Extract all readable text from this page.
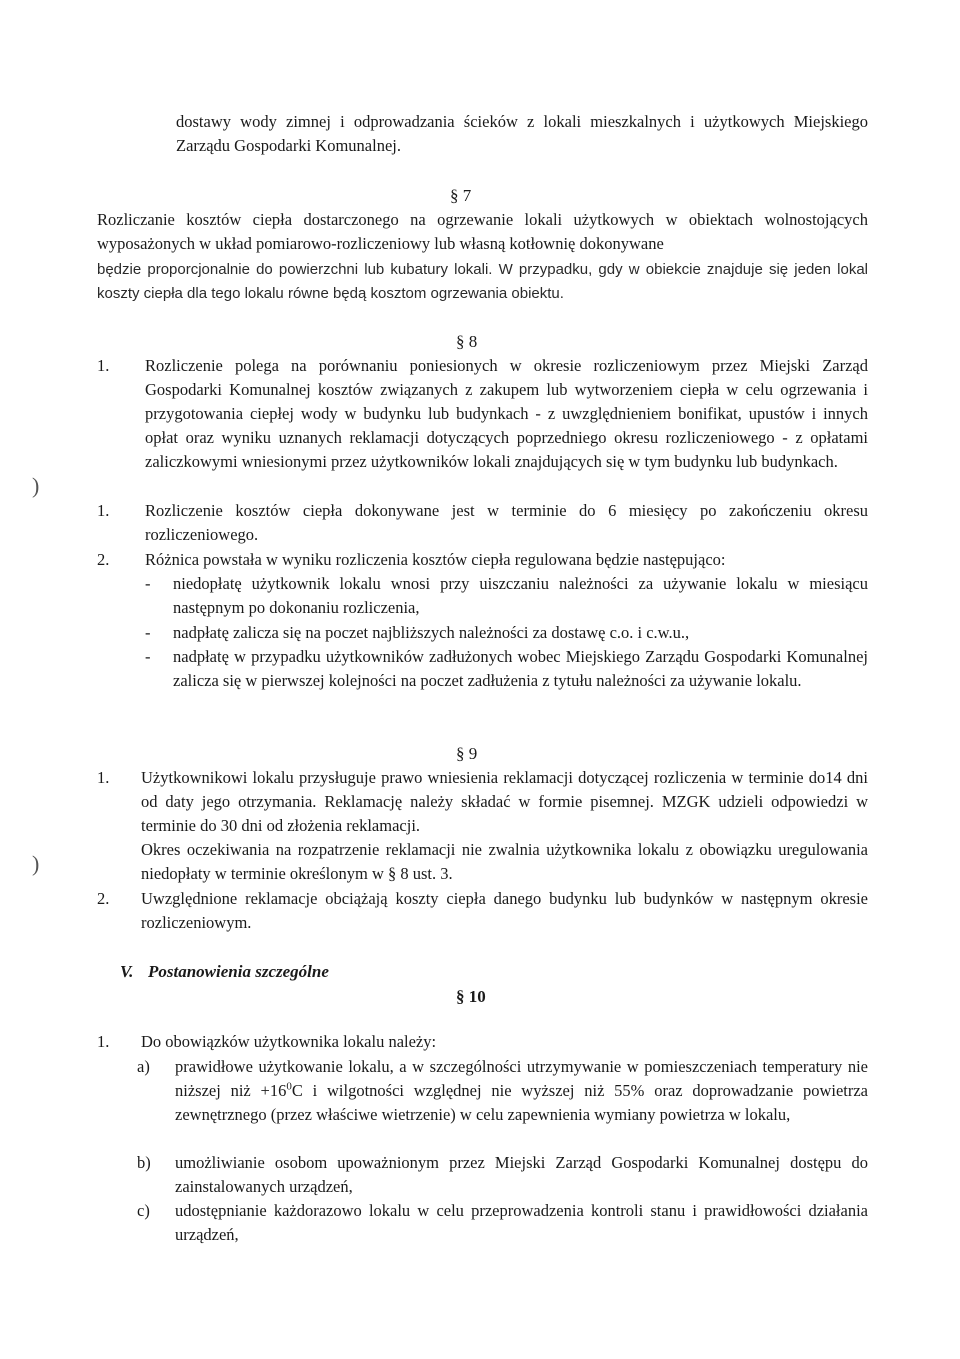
dostawy wody zimnej i odprowadzania ścieków z lokali mieszkalnych i użytkowych Miejskiego Zarządu Gospodarki Komunalnej.

§ 7

Rozliczanie kosztów ciepła dostarczonego na ogrzewanie lokali użytkowych w obiektach wolnostojących wyposażonych w układ pomiarowo-rozliczeniowy lub własną kotłownię dokonywane

będzie proporcjonalnie do powierzchni lub kubatury lokali. W przypadku, gdy w obiekcie znajduje się jeden lokal koszty ciepła dla tego lokalu równe będą kosztom ogrzewania obiektu.

§ 8
1. Rozliczenie polega na porównaniu poniesionych w okresie rozliczeniowym przez Miejski Zarząd Gospodarki Komunalnej kosztów związanych z zakupem lub wytworzeniem ciepła w celu ogrzewania i przygotowania ciepłej wody w budynku lub budynkach - z uwzględnieniem bonifikat, upustów i innych opłat oraz wyniku uznanych reklamacji dotyczących poprzedniego okresu rozliczeniowego - z opłatami zaliczkowymi wniesionymi przez użytkowników lokali znajdujących się w tym budynku lub budynkach.
1. Rozliczenie kosztów ciepła dokonywane jest w terminie do 6 miesięcy po zakończeniu okresu rozliczeniowego.
2. Różnica powstała w wyniku rozliczenia kosztów ciepła regulowana będzie następująco:
- niedopłatę użytkownik lokalu wnosi przy uiszczaniu należności za używanie lokalu w miesiącu następnym po dokonaniu rozliczenia,
- nadpłatę zalicza się na poczet najbliższych należności za dostawę c.o. i c.w.u.,
- nadpłatę w przypadku użytkowników zadłużonych wobec Miejskiego Zarządu Gospodarki Komunalnej zalicza się w pierwszej kolejności na poczet zadłużenia z tytułu należności za używanie lokalu.
§ 9
1. Użytkownikowi lokalu przysługuje prawo wniesienia reklamacji dotyczącej rozliczenia w terminie do14 dni od daty jego otrzymania. Reklamację należy składać w formie pisemnej. MZGK udzieli odpowiedzi w terminie do 30 dni od złożenia reklamacji.
Okres oczekiwania na rozpatrzenie reklamacji nie zwalnia użytkownika lokalu z obowiązku uregulowania niedopłaty w terminie określonym w § 8 ust. 3.
2. Uwzględnione reklamacje obciążają koszty ciepła danego budynku lub budynków w następnym okresie rozliczeniowym.
V. Postanowienia szczególne
§ 10
1. Do obowiązków użytkownika lokalu należy:
a) prawidłowe użytkowanie lokalu, a w szczególności utrzymywanie w pomieszczeniach temperatury nie niższej niż $+16^0C$ i wilgotności względnej nie wyższej niż 55% oraz doprowadzanie powietrza zewnętrznego (przez właściwe wietrzenie) w celu zapewnienia wymiany powietrza w lokalu,
b) umożliwianie osobom upoważnionym przez Miejski Zarząd Gospodarki Komunalnej dostępu do zainstalowanych urządzeń,
c) udostępnianie każdorazowo lokalu w celu przeprowadzenia kontroli stanu i prawidłowości działania urządzeń,
)
)
